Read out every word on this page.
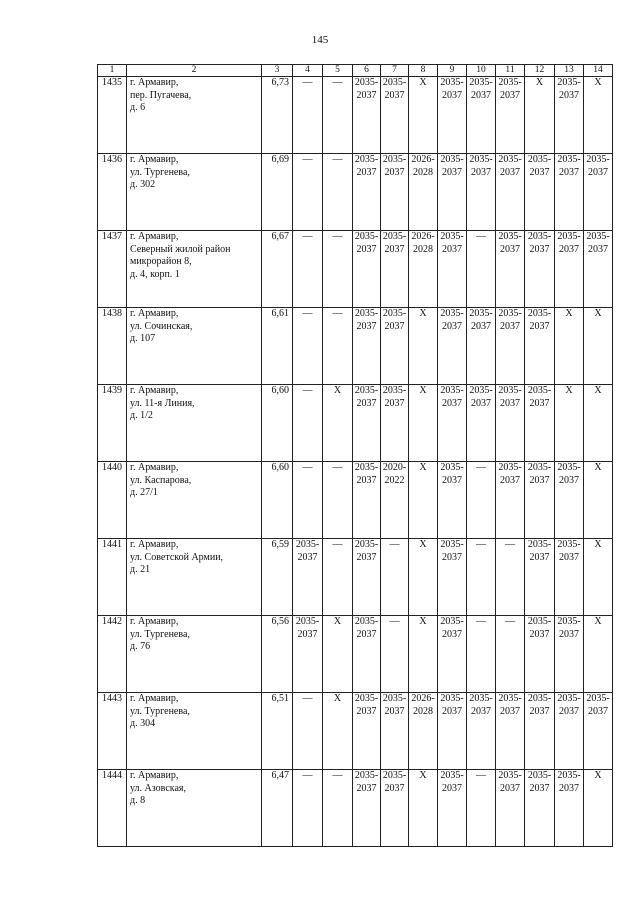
145
1	2	3	4	5	6	7	8	9	10	11	12	13	14
1435	г. Армавир,
пер. Пугачева,
д. 6	6,73	—	—	2035-
2037	2035-
2037	X	2035-
2037	2035-
2037	2035-
2037	X	2035-
2037	X
1436	г. Армавир,
ул. Тургенева,
д. 302	6,69	—	—	2035-
2037	2035-
2037	2026-
2028	2035-
2037	2035-
2037	2035-
2037	2035-
2037	2035-
2037	2035-
2037

1437	г. Армавир,
Северный жилой район
микрорайон 8,
д. 4, корп. 1	6,67	—	—	2035-
2037	2035-
2037	2026-
2028	2035-
2037	—	2035-
2037	2035-
2037	2035-
2037	2035-
2037

1438	г. Армавир,
ул. Сочинская,
д. 107	6,61	—	—	2035-
2037	2035-
2037	X	2035-
2037	2035-
2037	2035-
2037	2035-
2037	X	X
1439	г. Армавир,
ул. 11-я Линия,
д. 1/2	6,60	—	X	2035-
2037	2035-
2037	X	2035-
2037	2035-
2037	2035-
2037	2035-
2037	X	X
1440	г. Армавир,
ул. Каспарова,
д. 27/1	6,60	—	—	2035-
2037	2020-
2022	X	2035-
2037	—	2035-
2037	2035-
2037	2035-
2037	X
1441	г. Армавир,
ул. Советской Армии,
д. 21	6,59	2035-
2037	—	2035-
2037	—	X	2035-
2037	—	—	2035-
2037	2035-
2037	X
1442	г. Армавир,
ул. Тургенева,
д. 76	6,56	2035-
2037	X	2035-
2037	—	X	2035-
2037	—	—	2035-
2037	2035-
2037	X
1443	г. Армавир,
ул. Тургенева,
д. 304	6,51	—	X	2035-
2037	2035-
2037	2026-
2028	2035-
2037	2035-
2037	2035-
2037	2035-
2037	2035-
2037	2035-
2037

1444	г. Армавир,
ул. Азовская,
д. 8	6,47	—	—	2035-
2037	2035-
2037	X	2035-
2037	—	2035-
2037	2035-
2037	2035-
2037	X
